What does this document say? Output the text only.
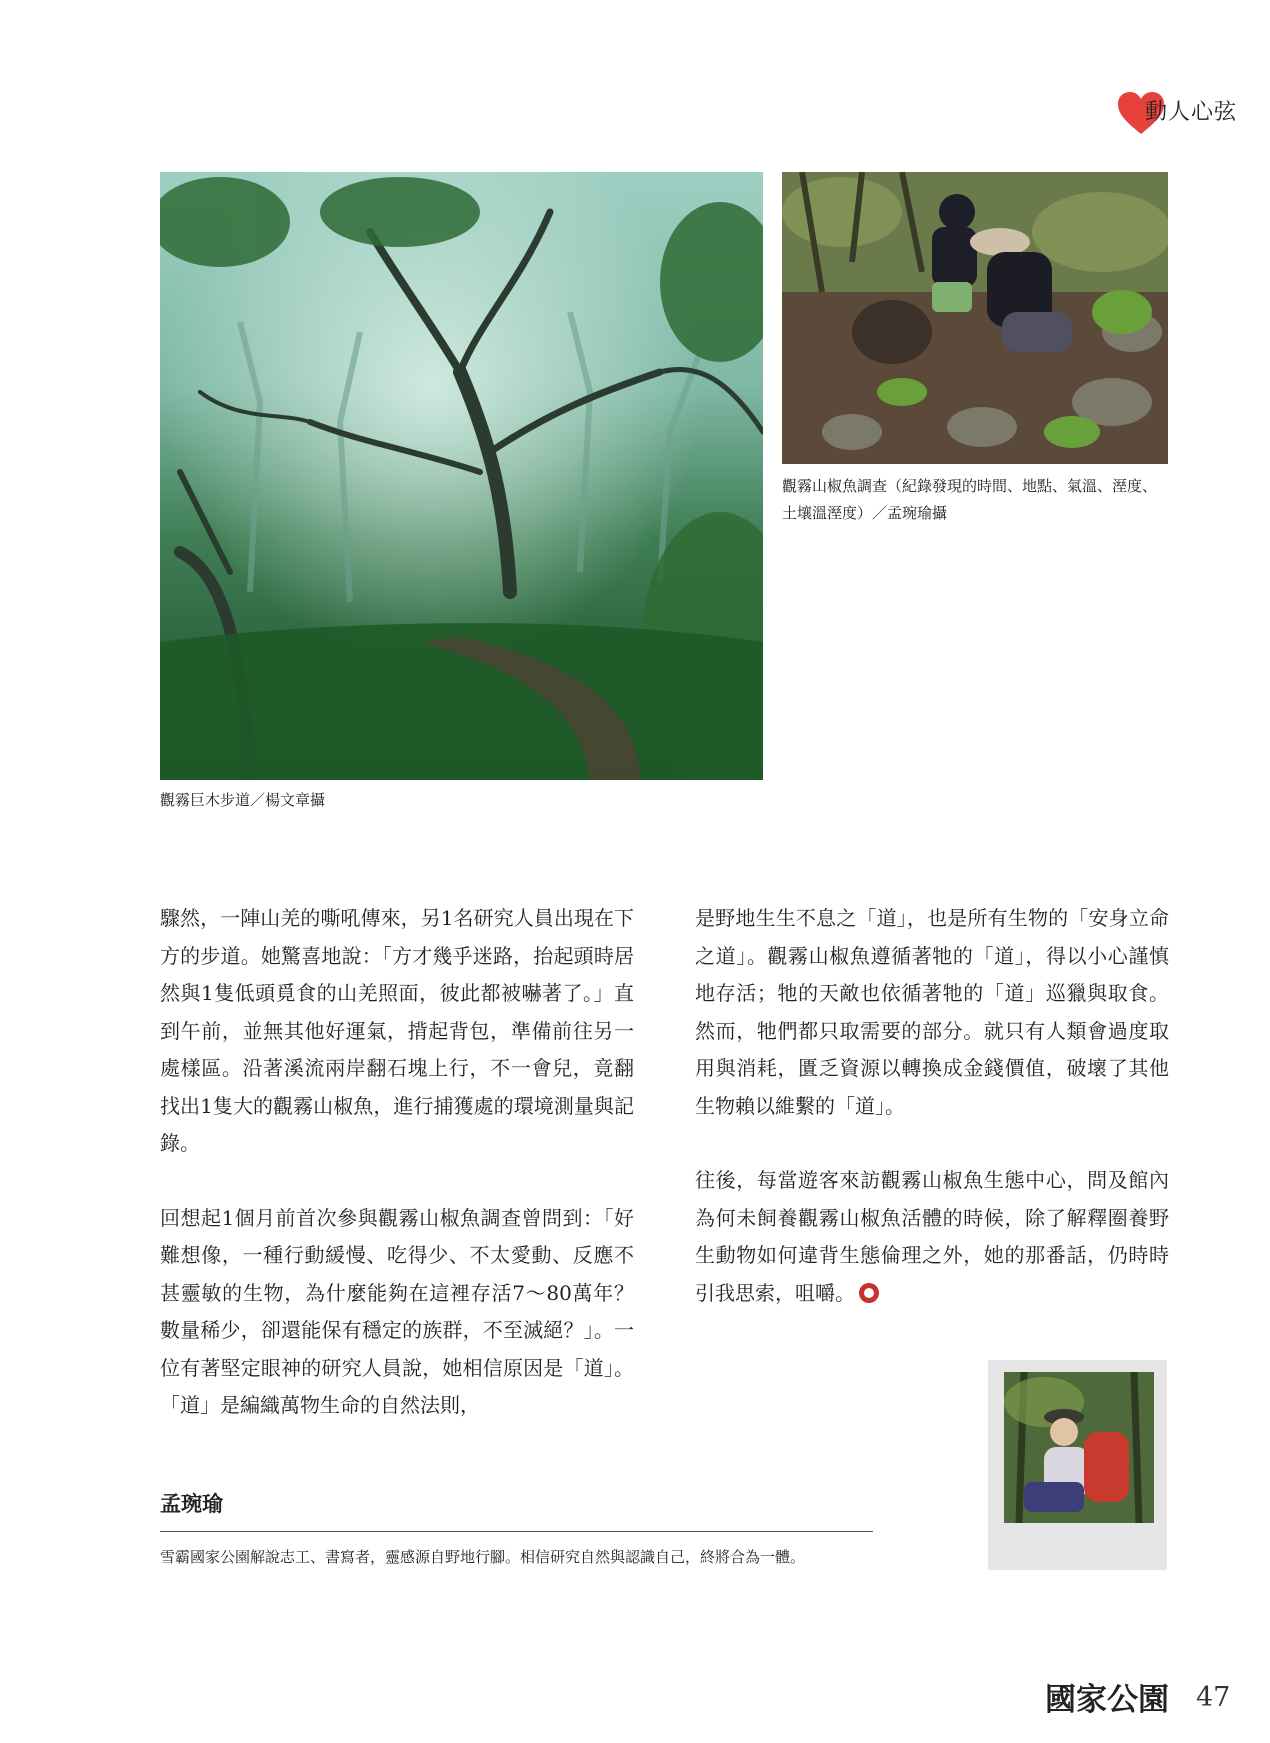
動人心弦
觀霧巨木步道／楊文章攝
觀霧山椒魚調查（紀錄發現的時間、地點、氣溫、溼度、土壤溫溼度）／孟琬瑜攝

驟然，一陣山羌的嘶吼傳來，另1名研究人員出現在下方的步道。她驚喜地說：「方才幾乎迷路，抬起頭時居然與1隻低頭覓食的山羌照面，彼此都被嚇著了。」直到午前，並無其他好運氣，揹起背包，準備前往另一處樣區。沿著溪流兩岸翻石塊上行，不一會兒，竟翻找出1隻大的觀霧山椒魚，進行捕獲處的環境測量與記錄。

回想起1個月前首次參與觀霧山椒魚調查曾問到：「好難想像，一種行動緩慢、吃得少、不太愛動、反應不甚靈敏的生物，為什麼能夠在這裡存活7～80萬年？數量稀少，卻還能保有穩定的族群，不至滅絕？」。一位有著堅定眼神的研究人員說，她相信原因是「道」。「道」是編織萬物生命的自然法則，

是野地生生不息之「道」，也是所有生物的「安身立命之道」。觀霧山椒魚遵循著牠的「道」，得以小心謹慎地存活；牠的天敵也依循著牠的「道」巡獵與取食。然而，牠們都只取需要的部分。就只有人類會過度取用與消耗，匱乏資源以轉換成金錢價值，破壞了其他生物賴以維繫的「道」。

往後，每當遊客來訪觀霧山椒魚生態中心，問及館內為何未飼養觀霧山椒魚活體的時候，除了解釋圈養野生動物如何違背生態倫理之外，她的那番話，仍時時引我思索，咀嚼。

孟琬瑜
雪霸國家公園解說志工、書寫者，靈感源自野地行腳。相信研究自然與認識自己，終將合為一體。
國家公園 47
